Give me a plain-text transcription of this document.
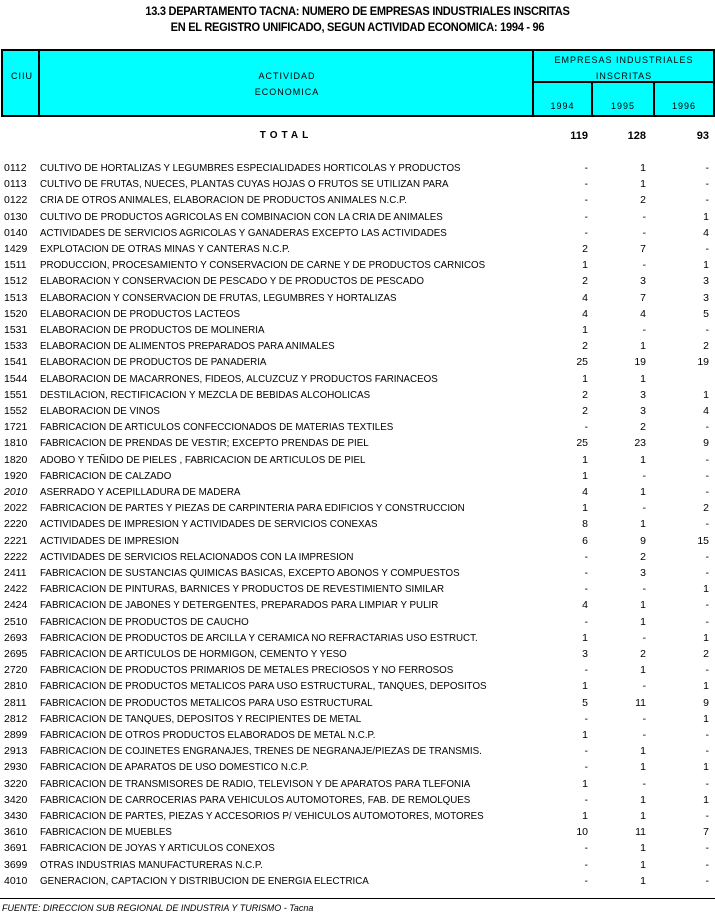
13.3 DEPARTAMENTO TACNA: NUMERO DE EMPRESAS INDUSTRIALES INSCRITAS
EN EL REGISTRO UNIFICADO, SEGUN ACTIVIDAD ECONOMICA: 1994 - 96
CIIU	ACTIVIDAD
ECONOMICA
EMPRESAS INDUSTRIALES
INSCRITAS
1994	1995	1996
TOTAL	119	128	93
0112 CULTIVO DE HORTALIZAS Y LEGUMBRES ESPECIALIDADES HORTICOLAS Y PRODUCTOS	-	1	-
0113 CULTIVO DE FRUTAS, NUECES, PLANTAS CUYAS HOJAS O FRUTOS SE UTILIZAN PARA	-	1	-
0122 CRIA DE OTROS ANIMALES, ELABORACION DE PRODUCTOS ANIMALES N.C.P.	-	2	-
0130 CULTIVO DE PRODUCTOS AGRICOLAS EN COMBINACION CON LA CRIA DE ANIMALES	-	-	1
0140 ACTIVIDADES DE SERVICIOS AGRICOLAS Y GANADERAS EXCEPTO LAS ACTIVIDADES	-	-	4
1429 EXPLOTACION DE OTRAS MINAS Y CANTERAS N.C.P.	2	7	-
1511 PRODUCCION, PROCESAMIENTO Y CONSERVACION DE CARNE Y DE PRODUCTOS CARNICOS	1	-	1
1512 ELABORACION Y CONSERVACION DE PESCADO Y DE PRODUCTOS DE PESCADO	2	3	3
1513 ELABORACION Y CONSERVACION DE FRUTAS, LEGUMBRES Y HORTALIZAS	4	7	3
1520 ELABORACION DE PRODUCTOS LACTEOS	4	4	5
1531 ELABORACION DE PRODUCTOS DE MOLINERIA	1	-	-
1533 ELABORACION DE ALIMENTOS PREPARADOS PARA ANIMALES	2	1	2
1541 ELABORACION DE PRODUCTOS DE PANADERIA	25	19	19
1544 ELABORACION DE MACARRONES, FIDEOS, ALCUZCUZ Y PRODUCTOS FARINACEOS	1	1
1551 DESTILACION, RECTIFICACION Y MEZCLA DE BEBIDAS ALCOHOLICAS	2	3	1
1552 ELABORACION DE VINOS	2	3	4
1721 FABRICACION DE ARTICULOS CONFECCIONADOS DE MATERIAS TEXTILES	-	2	-
1810 FABRICACION DE PRENDAS DE VESTIR; EXCEPTO PRENDAS DE PIEL	25	23	9
1820 ADOBO Y TEÑIDO DE PIELES , FABRICACION DE ARTICULOS DE PIEL	1	1	-
1920 FABRICACION DE CALZADO	1	-	-
2010 ASERRADO Y ACEPILLADURA DE MADERA	4	1	-
2022 FABRICACION DE PARTES Y PIEZAS DE CARPINTERIA PARA EDIFICIOS Y CONSTRUCCION	1	-	2
2220 ACTIVIDADES DE IMPRESION Y ACTIVIDADES DE SERVICIOS CONEXAS	8	1	-
2221 ACTIVIDADES DE IMPRESION	6	9	15
2222 ACTIVIDADES DE SERVICIOS RELACIONADOS CON LA IMPRESION	-	2	-
2411 FABRICACION DE SUSTANCIAS QUIMICAS BASICAS, EXCEPTO ABONOS Y COMPUESTOS	-	3	-
2422 FABRICACION DE PINTURAS, BARNICES Y PRODUCTOS DE REVESTIMIENTO SIMILAR	-	-	1
2424 FABRICACION DE JABONES Y DETERGENTES, PREPARADOS PARA LIMPIAR Y PULIR	4	1	-
2510 FABRICACION DE PRODUCTOS DE CAUCHO	-	1	-
2693 FABRICACION DE PRODUCTOS DE ARCILLA Y CERAMICA NO REFRACTARIAS USO ESTRUCT.	1	-	1
2695 FABRICACION DE ARTICULOS DE HORMIGON, CEMENTO Y YESO	3	2	2
2720 FABRICACION DE PRODUCTOS PRIMARIOS DE METALES PRECIOSOS Y NO FERROSOS	-	1	-
2810 FABRICACION DE PRODUCTOS METALICOS PARA USO ESTRUCTURAL, TANQUES, DEPOSITOS	1	-	1
2811 FABRICACION DE PRODUCTOS METALICOS PARA USO ESTRUCTURAL	5	11	9
2812 FABRICACION DE TANQUES, DEPOSITOS Y RECIPIENTES DE METAL	-	-	1
2899 FABRICACION DE OTROS PRODUCTOS ELABORADOS DE METAL N.C.P.	1	-	-
2913 FABRICACION DE COJINETES ENGRANAJES, TRENES DE NEGRANAJE/PIEZAS DE TRANSMIS.	-	1	-
2930 FABRICACION DE APARATOS DE USO DOMESTICO N.C.P.	-	1	1
3220 FABRICACION DE TRANSMISORES DE RADIO, TELEVISON Y DE APARATOS PARA TLEFONIA	1	-	-
3420 FABRICACION DE CARROCERIAS PARA VEHICULOS AUTOMOTORES, FAB. DE REMOLQUES	-	1	1
3430 FABRICACION DE PARTES, PIEZAS Y ACCESORIOS P/ VEHICULOS AUTOMOTORES, MOTORES	1	1	-
3610 FABRICACION DE MUEBLES	10	11	7
3691 FABRICACION DE JOYAS Y ARTICULOS CONEXOS	-	1	-
3699 OTRAS INDUSTRIAS MANUFACTURERAS N.C.P.	-	1	-
4010 GENERACION, CAPTACION Y DISTRIBUCION DE ENERGIA ELECTRICA	-	1	-
FUENTE: DIRECCION SUB REGIONAL DE INDUSTRIA Y TURISMO - Tacna
